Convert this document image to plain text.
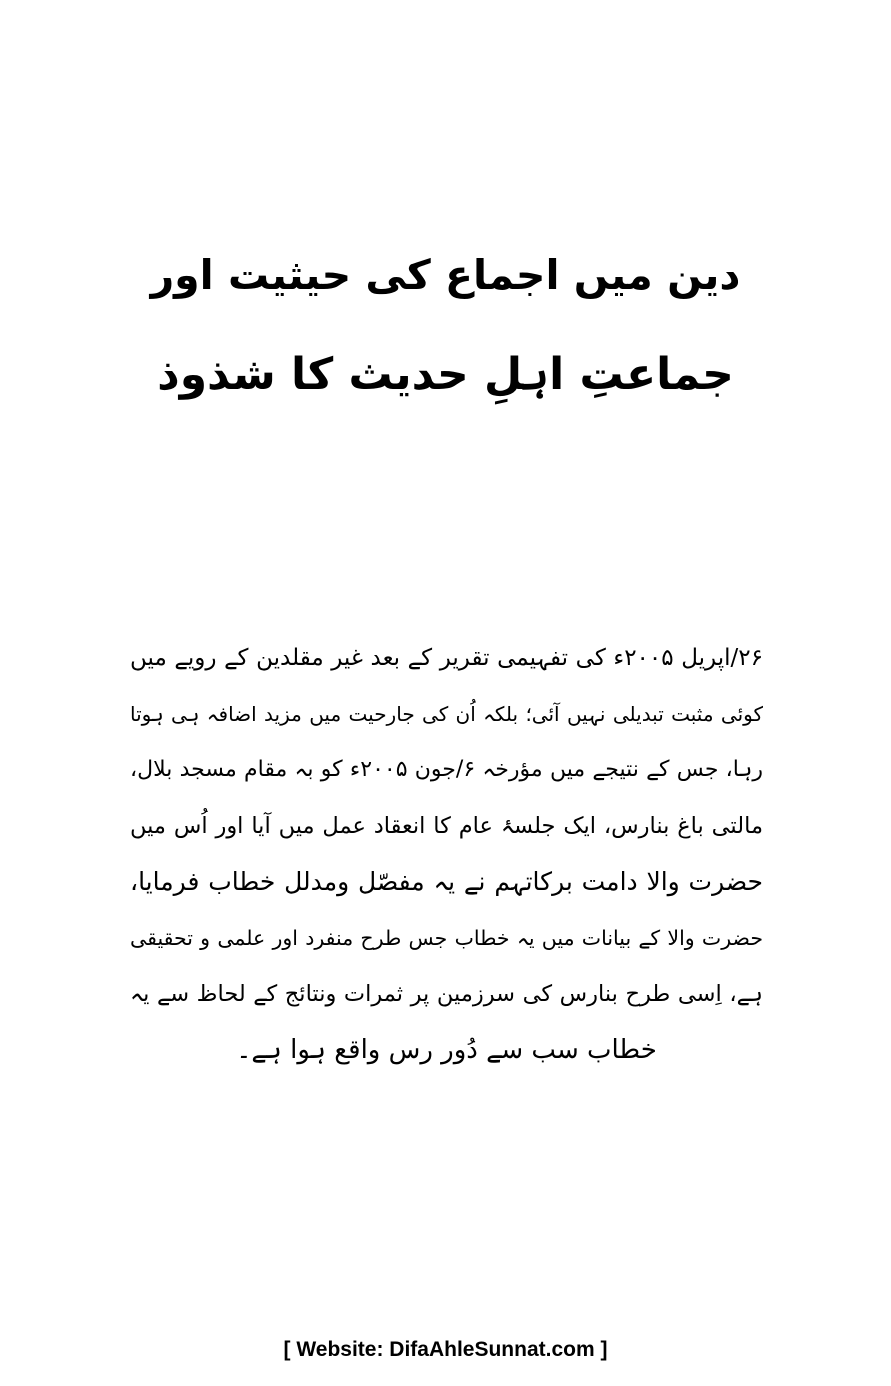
دین میں اجماع کی حیثیت اور
جماعتِ اہلِ حدیث کا شذوذ
۲۶/اپریل ۲۰۰۵ء کی تفہیمی تقریر کے بعد غیر مقلدین کے رویے میں
کوئی مثبت تبدیلی نہیں آئی؛ بلکہ اُن کی جارحیت میں مزید اضافہ ہی ہوتا
رہا، جس کے نتیجے میں مؤرخہ ۶/جون ۲۰۰۵ء کو بہ مقام مسجد بلال،
مالتی باغ بنارس، ایک جلسۂ عام کا انعقاد عمل میں آیا اور اُس میں
حضرت والا دامت برکاتہم نے یہ مفصّل ومدلل خطاب فرمایا،
حضرت والا کے بیانات میں یہ خطاب جس طرح منفرد اور علمی و تحقیقی
ہے، اِسی طرح بنارس کی سرزمین پر ثمرات ونتائج کے لحاظ سے یہ
خطاب سب سے دُور رس واقع ہوا ہے۔
[ Website: DifaAhleSunnat.com ]
